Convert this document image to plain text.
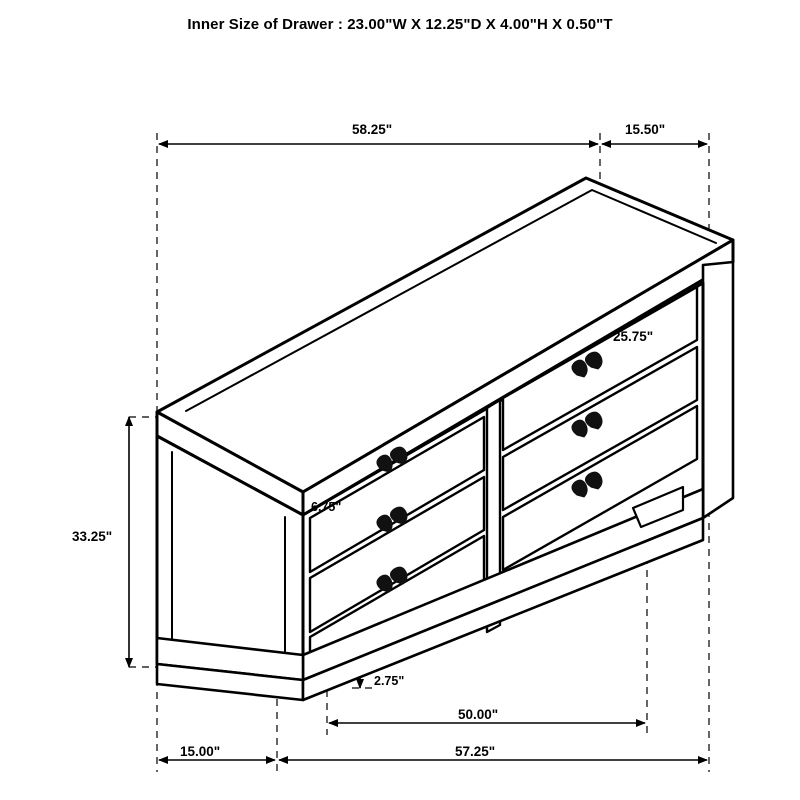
Inner Size of Drawer : 23.00"W X 12.25"D X 4.00"H X 0.50"T
58.25"	15.50"
25.75"
33.25"
6.75"
2.75"
50.00"
15.00"	57.25"
